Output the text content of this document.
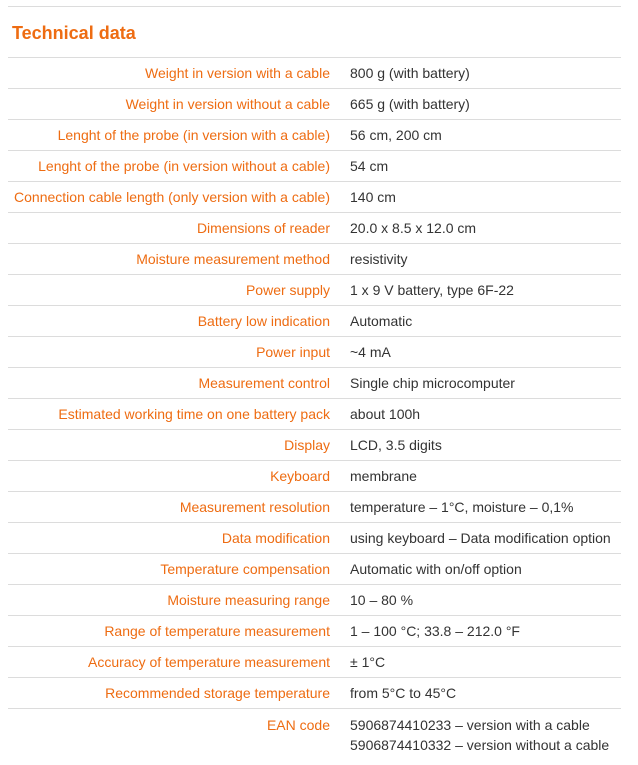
Technical data
Weight in version with a cable	800 g (with battery)
Weight in version without a cable	665 g (with battery)
Lenght of the probe (in version with a cable)	56 cm, 200 cm
Lenght of the probe (in version without a cable)	54 cm
Connection cable length (only version with a cable)	140 cm
Dimensions of reader	20.0 x 8.5 x 12.0 cm
Moisture measurement method	resistivity
Power supply	1 x 9 V battery, type 6F-22
Battery low indication	Automatic
Power input	~4 mA
Measurement control	Single chip microcomputer
Estimated working time on one battery pack	about 100h
Display	LCD, 3.5 digits
Keyboard	membrane
Measurement resolution	temperature – 1°C, moisture – 0,1%
Data modification	using keyboard – Data modification option
Temperature compensation	Automatic with on/off option
Moisture measuring range	10 – 80 %
Range of temperature measurement	1 – 100 °C; 33.8 – 212.0 °F
Accuracy of temperature measurement	± 1°C
Recommended storage temperature	from 5°C to 45°C
EAN code	5906874410233 – version with a cable
5906874410332 – version without a cable
